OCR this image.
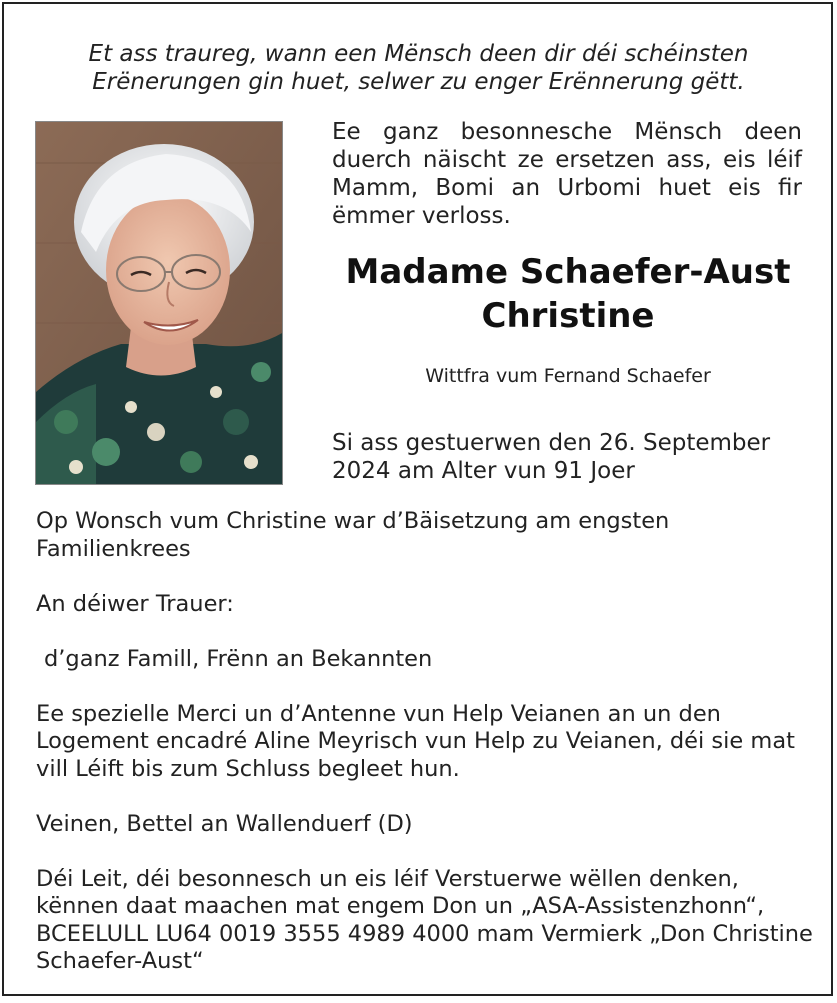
Et ass traureg, wann een Mënsch deen dir déi schéinsten
Erënerungen gin huet, selwer zu enger Erënnerung gëtt.
Ee ganz besonnesche Mënsch deen duerch näischt ze ersetzen ass, eis léif Mamm, Bomi an Urbomi huet eis fir ëmmer verloss.
Madame Schaefer-Aust
Christine
Wittfra vum Fernand Schaefer
Si ass gestuerwen den 26. September 2024 am Alter vun 91 Joer

Op Wonsch vum Christine war d’Bäisetzung am engsten Familienkrees

An déiwer Trauer:

d’ganz Famill, Frënn an Bekannten

Ee spezielle Merci un d’Antenne vun Help Veianen an un den Logement encadré Aline Meyrisch vun Help zu Veianen, déi sie mat vill Léift bis zum Schluss begleet hun.

Veinen, Bettel an Wallenduerf (D)

Déi Leit, déi besonnesch un eis léif Verstuerwe wëllen denken, kënnen daat maachen mat engem Don un „ASA-Assistenzhonn“, BCEELULL LU64 0019 3555 4989 4000 mam Vermierk „Don Christine Schaefer-Aust“
